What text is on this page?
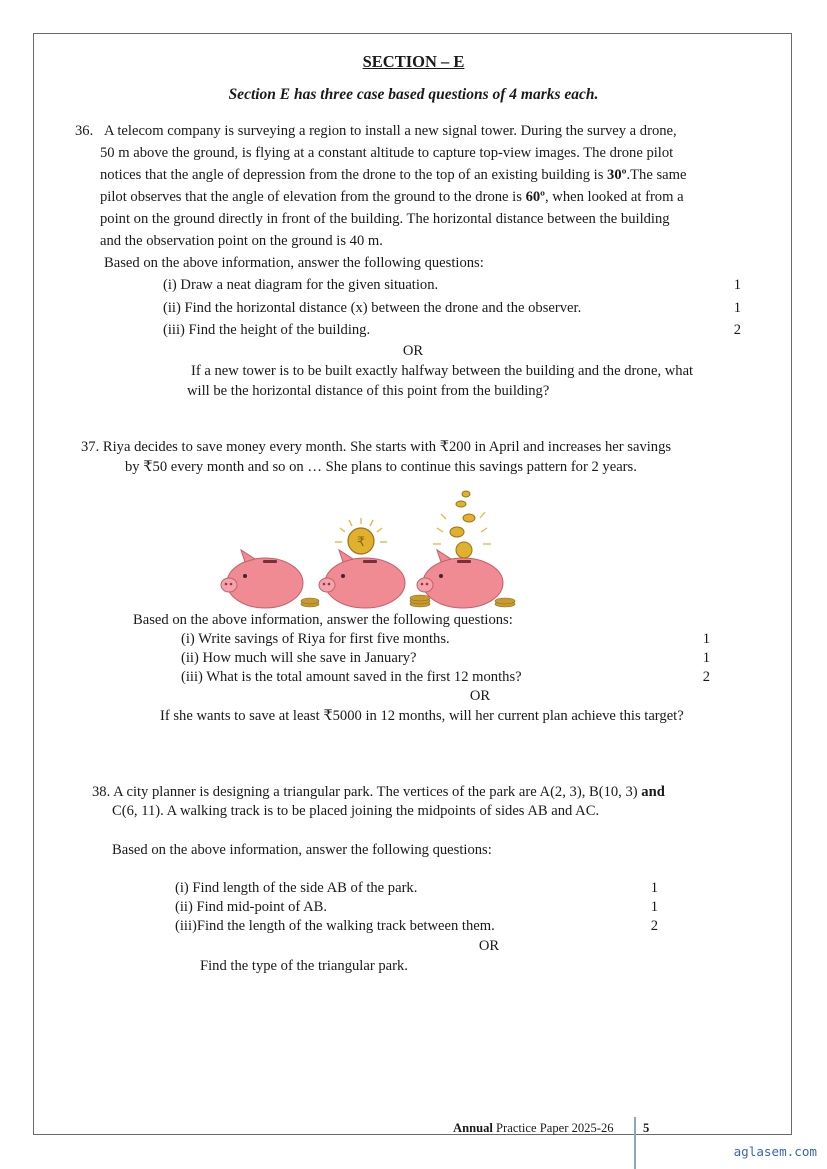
SECTION – E
Section E has three case based questions of 4 marks each.
36. A telecom company is surveying a region to install a new signal tower. During the survey a drone,
50 m above the ground, is flying at a constant altitude to capture top-view images. The drone pilot
notices that the angle of depression from the drone to the top of an existing building is 30º.The same
pilot observes that the angle of elevation from the ground to the drone is 60º, when looked at from a
point on the ground directly in front of the building. The horizontal distance between the building
and the observation point on the ground is 40 m.
Based on the above information, answer the following questions:
(i) Draw a neat diagram for the given situation.	1
(ii) Find the horizontal distance (x) between the drone and the observer.	1
(iii) Find the height of the building.	2
OR
If a new tower is to be built exactly halfway between the building and the drone, what
will be the horizontal distance of this point from the building?
37. Riya decides to save money every month. She starts with ₹200 in April and increases her savings
by ₹50 every month and so on … She plans to continue this savings pattern for 2 years.
₹
Based on the above information, answer the following questions:
(i) Write savings of Riya for first five months.	1
(ii) How much will she save in January?	1
(iii) What is the total amount saved in the first 12 months?	2
OR
If she wants to save at least ₹5000 in 12 months, will her current plan achieve this target?
38. A city planner is designing a triangular park. The vertices of the park are A(2, 3), B(10, 3) and
C(6, 11). A walking track is to be placed joining the midpoints of sides AB and AC.
Based on the above information, answer the following questions:
(i) Find length of the side AB of the park.	1
(ii) Find mid-point of AB.	1
(iii)Find the length of the walking track between them.	2
OR
Find the type of the triangular park.
Annual Practice Paper 2025-26 5
aglasem.com
